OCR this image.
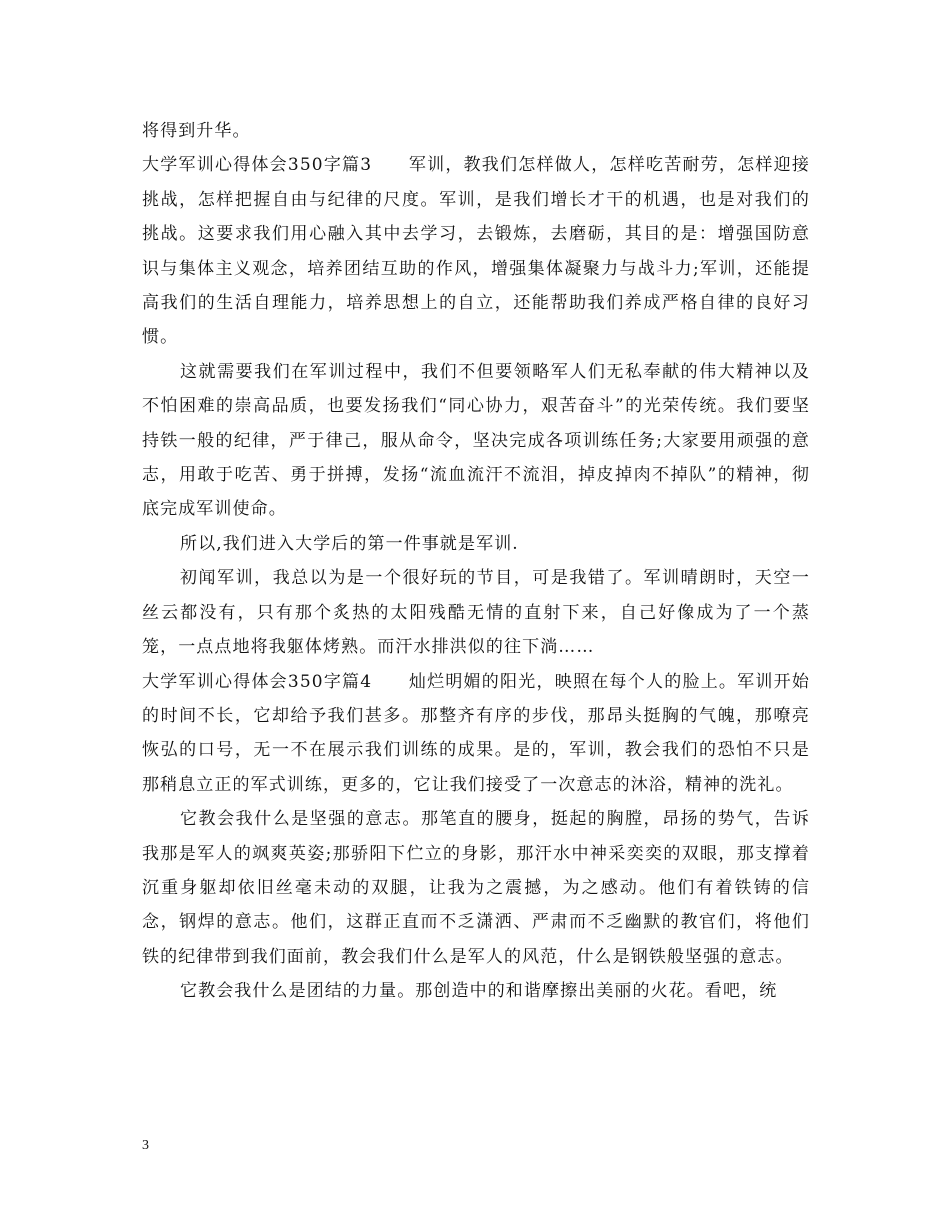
将得到升华。

大学军训心得体会350字篇3　　军训，教我们怎样做人，怎样吃苦耐劳，怎样迎接挑战，怎样把握自由与纪律的尺度。军训，是我们增长才干的机遇，也是对我们的挑战。这要求我们用心融入其中去学习，去锻炼，去磨砺，其目的是：增强国防意识与集体主义观念，培养团结互助的作风，增强集体凝聚力与战斗力;军训，还能提高我们的生活自理能力，培养思想上的自立，还能帮助我们养成严格自律的良好习惯。

这就需要我们在军训过程中，我们不但要领略军人们无私奉献的伟大精神以及不怕困难的崇高品质，也要发扬我们“同心协力，艰苦奋斗”的光荣传统。我们要坚持铁一般的纪律，严于律己，服从命令，坚决完成各项训练任务;大家要用顽强的意志，用敢于吃苦、勇于拼搏，发扬“流血流汗不流泪，掉皮掉肉不掉队”的精神，彻底完成军训使命。

所以,我们进入大学后的第一件事就是军训.

初闻军训，我总以为是一个很好玩的节目，可是我错了。军训晴朗时，天空一丝云都没有，只有那个炙热的太阳残酷无情的直射下来，自己好像成为了一个蒸笼，一点点地将我躯体烤熟。而汗水排洪似的往下淌……

大学军训心得体会350字篇4　　灿烂明媚的阳光，映照在每个人的脸上。军训开始的时间不长，它却给予我们甚多。那整齐有序的步伐，那昂头挺胸的气魄，那嘹亮恢弘的口号，无一不在展示我们训练的成果。是的，军训，教会我们的恐怕不只是那稍息立正的军式训练，更多的，它让我们接受了一次意志的沐浴，精神的洗礼。

它教会我什么是坚强的意志。那笔直的腰身，挺起的胸膛，昂扬的势气，告诉我那是军人的飒爽英姿;那骄阳下伫立的身影，那汗水中神采奕奕的双眼，那支撑着沉重身躯却依旧丝毫未动的双腿，让我为之震撼，为之感动。他们有着铁铸的信念，钢焊的意志。他们，这群正直而不乏潇洒、严肃而不乏幽默的教官们，将他们铁的纪律带到我们面前，教会我们什么是军人的风范，什么是钢铁般坚强的意志。

它教会我什么是团结的力量。那创造中的和谐摩擦出美丽的火花。看吧，统

3
